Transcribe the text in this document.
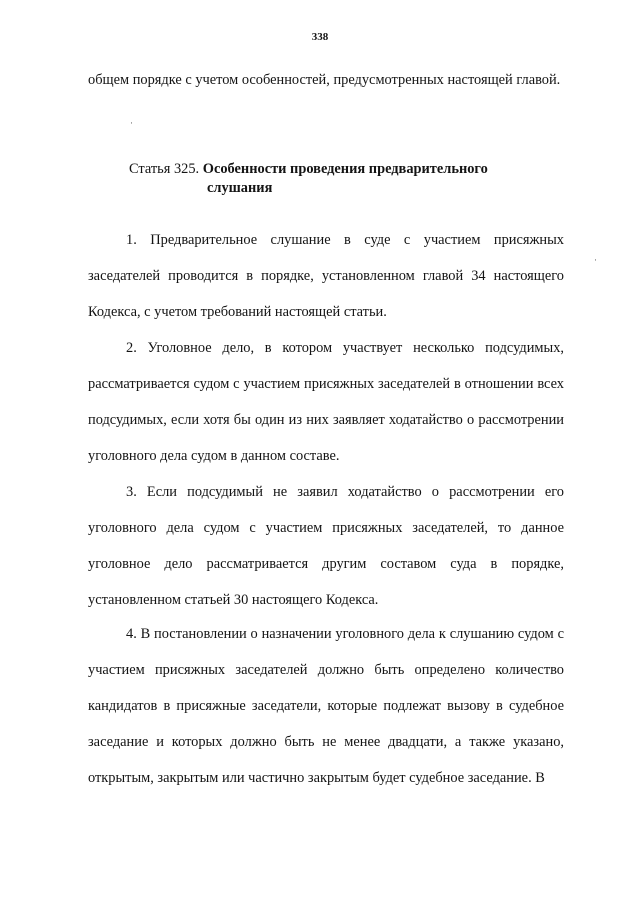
338
общем порядке с учетом особенностей, предусмотренных настоящей главой.
Статья 325. Особенности проведения предварительного
слушания
1. Предварительное слушание в суде с участием присяжных заседателей проводится в порядке, установленном главой 34 настоящего Кодекса, с учетом требований настоящей статьи.
2. Уголовное дело, в котором участвует несколько подсудимых, рассматривается судом с участием присяжных заседателей в отношении всех подсудимых, если хотя бы один из них заявляет ходатайство о рассмотрении уголовного дела судом в данном составе.
3. Если подсудимый не заявил ходатайство о рассмотрении его уголовного дела судом с участием присяжных заседателей, то данное уголовное дело рассматривается другим составом суда в порядке, установленном статьей 30 настоящего Кодекса.
4. В постановлении о назначении уголовного дела к слушанию судом с участием присяжных заседателей должно быть определено количество кандидатов в присяжные заседатели, которые подлежат вызову в судебное заседание и которых должно быть не менее двадцати, а также указано, открытым, закрытым или частично закрытым будет судебное заседание. В
·
·
